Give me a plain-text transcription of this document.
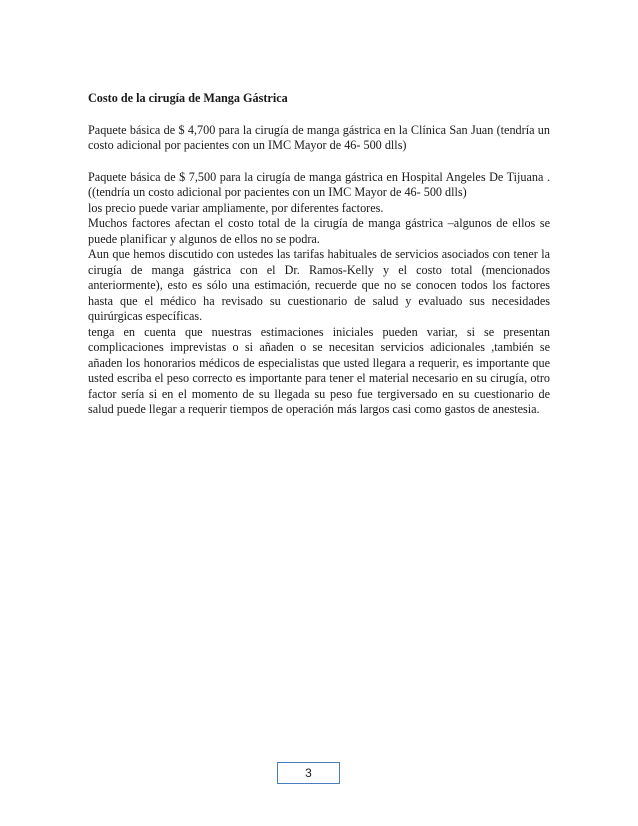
Costo de la cirugía de Manga Gástrica

Paquete básica de $ 4,700 para la cirugía de manga gástrica en la Clínica San Juan (tendría un costo adicional por pacientes con un IMC Mayor de 46- 500 dlls)

Paquete básica de $ 7,500 para la cirugía de manga gástrica en Hospital Angeles De Tijuana . ((tendría un costo adicional por pacientes con un IMC Mayor de 46- 500 dlls)

los precio puede variar ampliamente, por diferentes factores.

Muchos factores afectan el costo total de la cirugía de manga gástrica –algunos de ellos se puede planificar y algunos de ellos no se podra.

Aun que hemos discutido con ustedes las tarifas habituales de servicios asociados con tener la cirugía de manga gástrica con el Dr. Ramos-Kelly y el costo total (mencionados anteriormente), esto es sólo una estimación, recuerde que no se conocen todos los factores hasta que el médico ha revisado su cuestionario de salud y evaluado sus necesidades quirúrgicas específicas.

tenga en cuenta que nuestras estimaciones iniciales pueden variar, si se presentan complicaciones imprevistas o si añaden o se necesitan servicios adicionales ,también se añaden los honorarios médicos de especialistas que usted llegara a requerir, es importante que usted escriba el peso correcto es importante para tener el material necesario en su cirugía, otro factor sería si en el momento de su llegada su peso fue tergiversado en su cuestionario de salud puede llegar a requerir tiempos de operación más largos casi como gastos de anestesia.

3
